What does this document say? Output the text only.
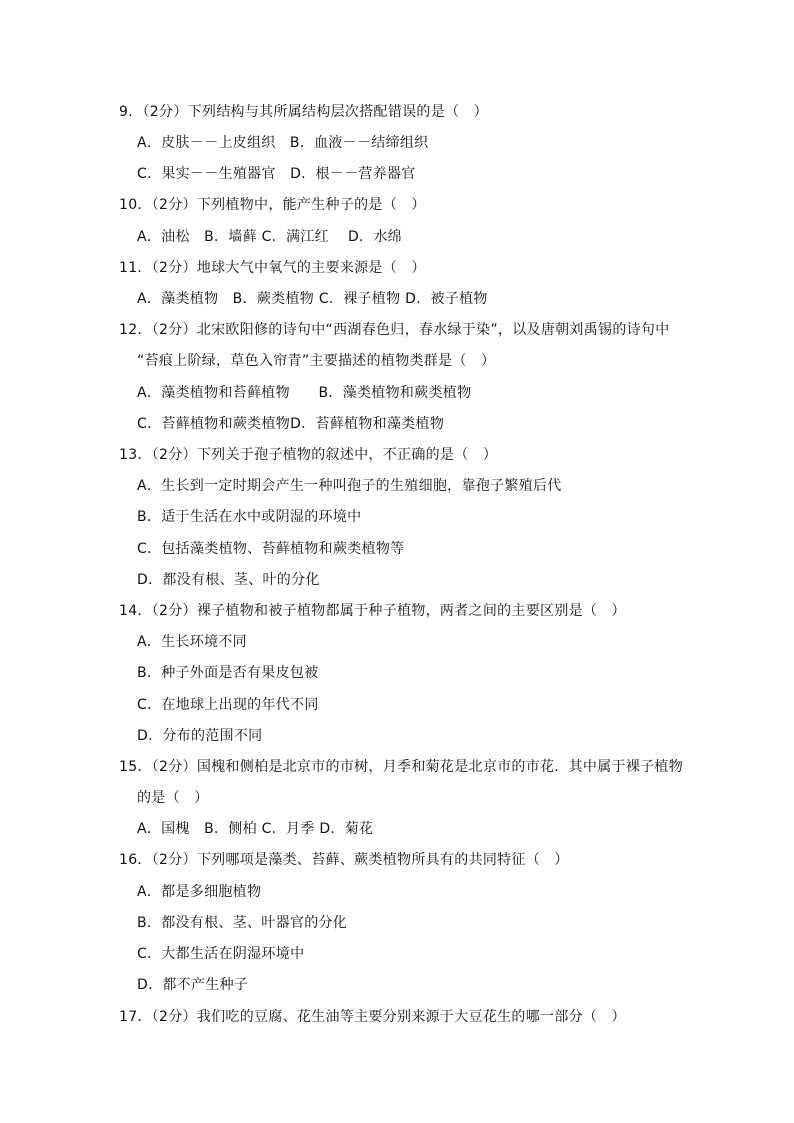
9．（2分）下列结构与其所属结构层次搭配错误的是（　）
A．皮肤－－上皮组织　B．血液－－结缔组织
C．果实－－生殖器官　D．根－－营养器官
10．（2分）下列植物中，能产生种子的是（　）
A．油松　B．墙藓 C．满江红　 D．水绵
11．（2分）地球大气中氧气的主要来源是（　）
A．藻类植物　B．蕨类植物 C．裸子植物 D．被子植物
12．（2分）北宋欧阳修的诗句中“西湖春色归，春水绿于染”，以及唐朝刘禹锡的诗句中
“苔痕上阶绿，草色入帘青”主要描述的植物类群是（　）
A．藻类植物和苔藓植物　　B．藻类植物和蕨类植物
C．苔藓植物和蕨类植物D．苔藓植物和藻类植物
13．（2分）下列关于孢子植物的叙述中，不正确的是（　）
A．生长到一定时期会产生一种叫孢子的生殖细胞，靠孢子繁殖后代
B．适于生活在水中或阴湿的环境中
C．包括藻类植物、苔藓植物和蕨类植物等
D．都没有根、茎、叶的分化
14．（2分）裸子植物和被子植物都属于种子植物，两者之间的主要区别是（　）
A．生长环境不同
B．种子外面是否有果皮包被
C．在地球上出现的年代不同
D．分布的范围不同
15．（2分）国槐和侧柏是北京市的市树，月季和菊花是北京市的市花．其中属于裸子植物
的是（　）
A．国槐　B．侧柏 C．月季 D．菊花
16．（2分）下列哪项是藻类、苔藓、蕨类植物所具有的共同特征（　）
A．都是多细胞植物
B．都没有根、茎、叶器官的分化
C．大都生活在阴湿环境中
D．都不产生种子
17．（2分）我们吃的豆腐、花生油等主要分别来源于大豆花生的哪一部分（　）
